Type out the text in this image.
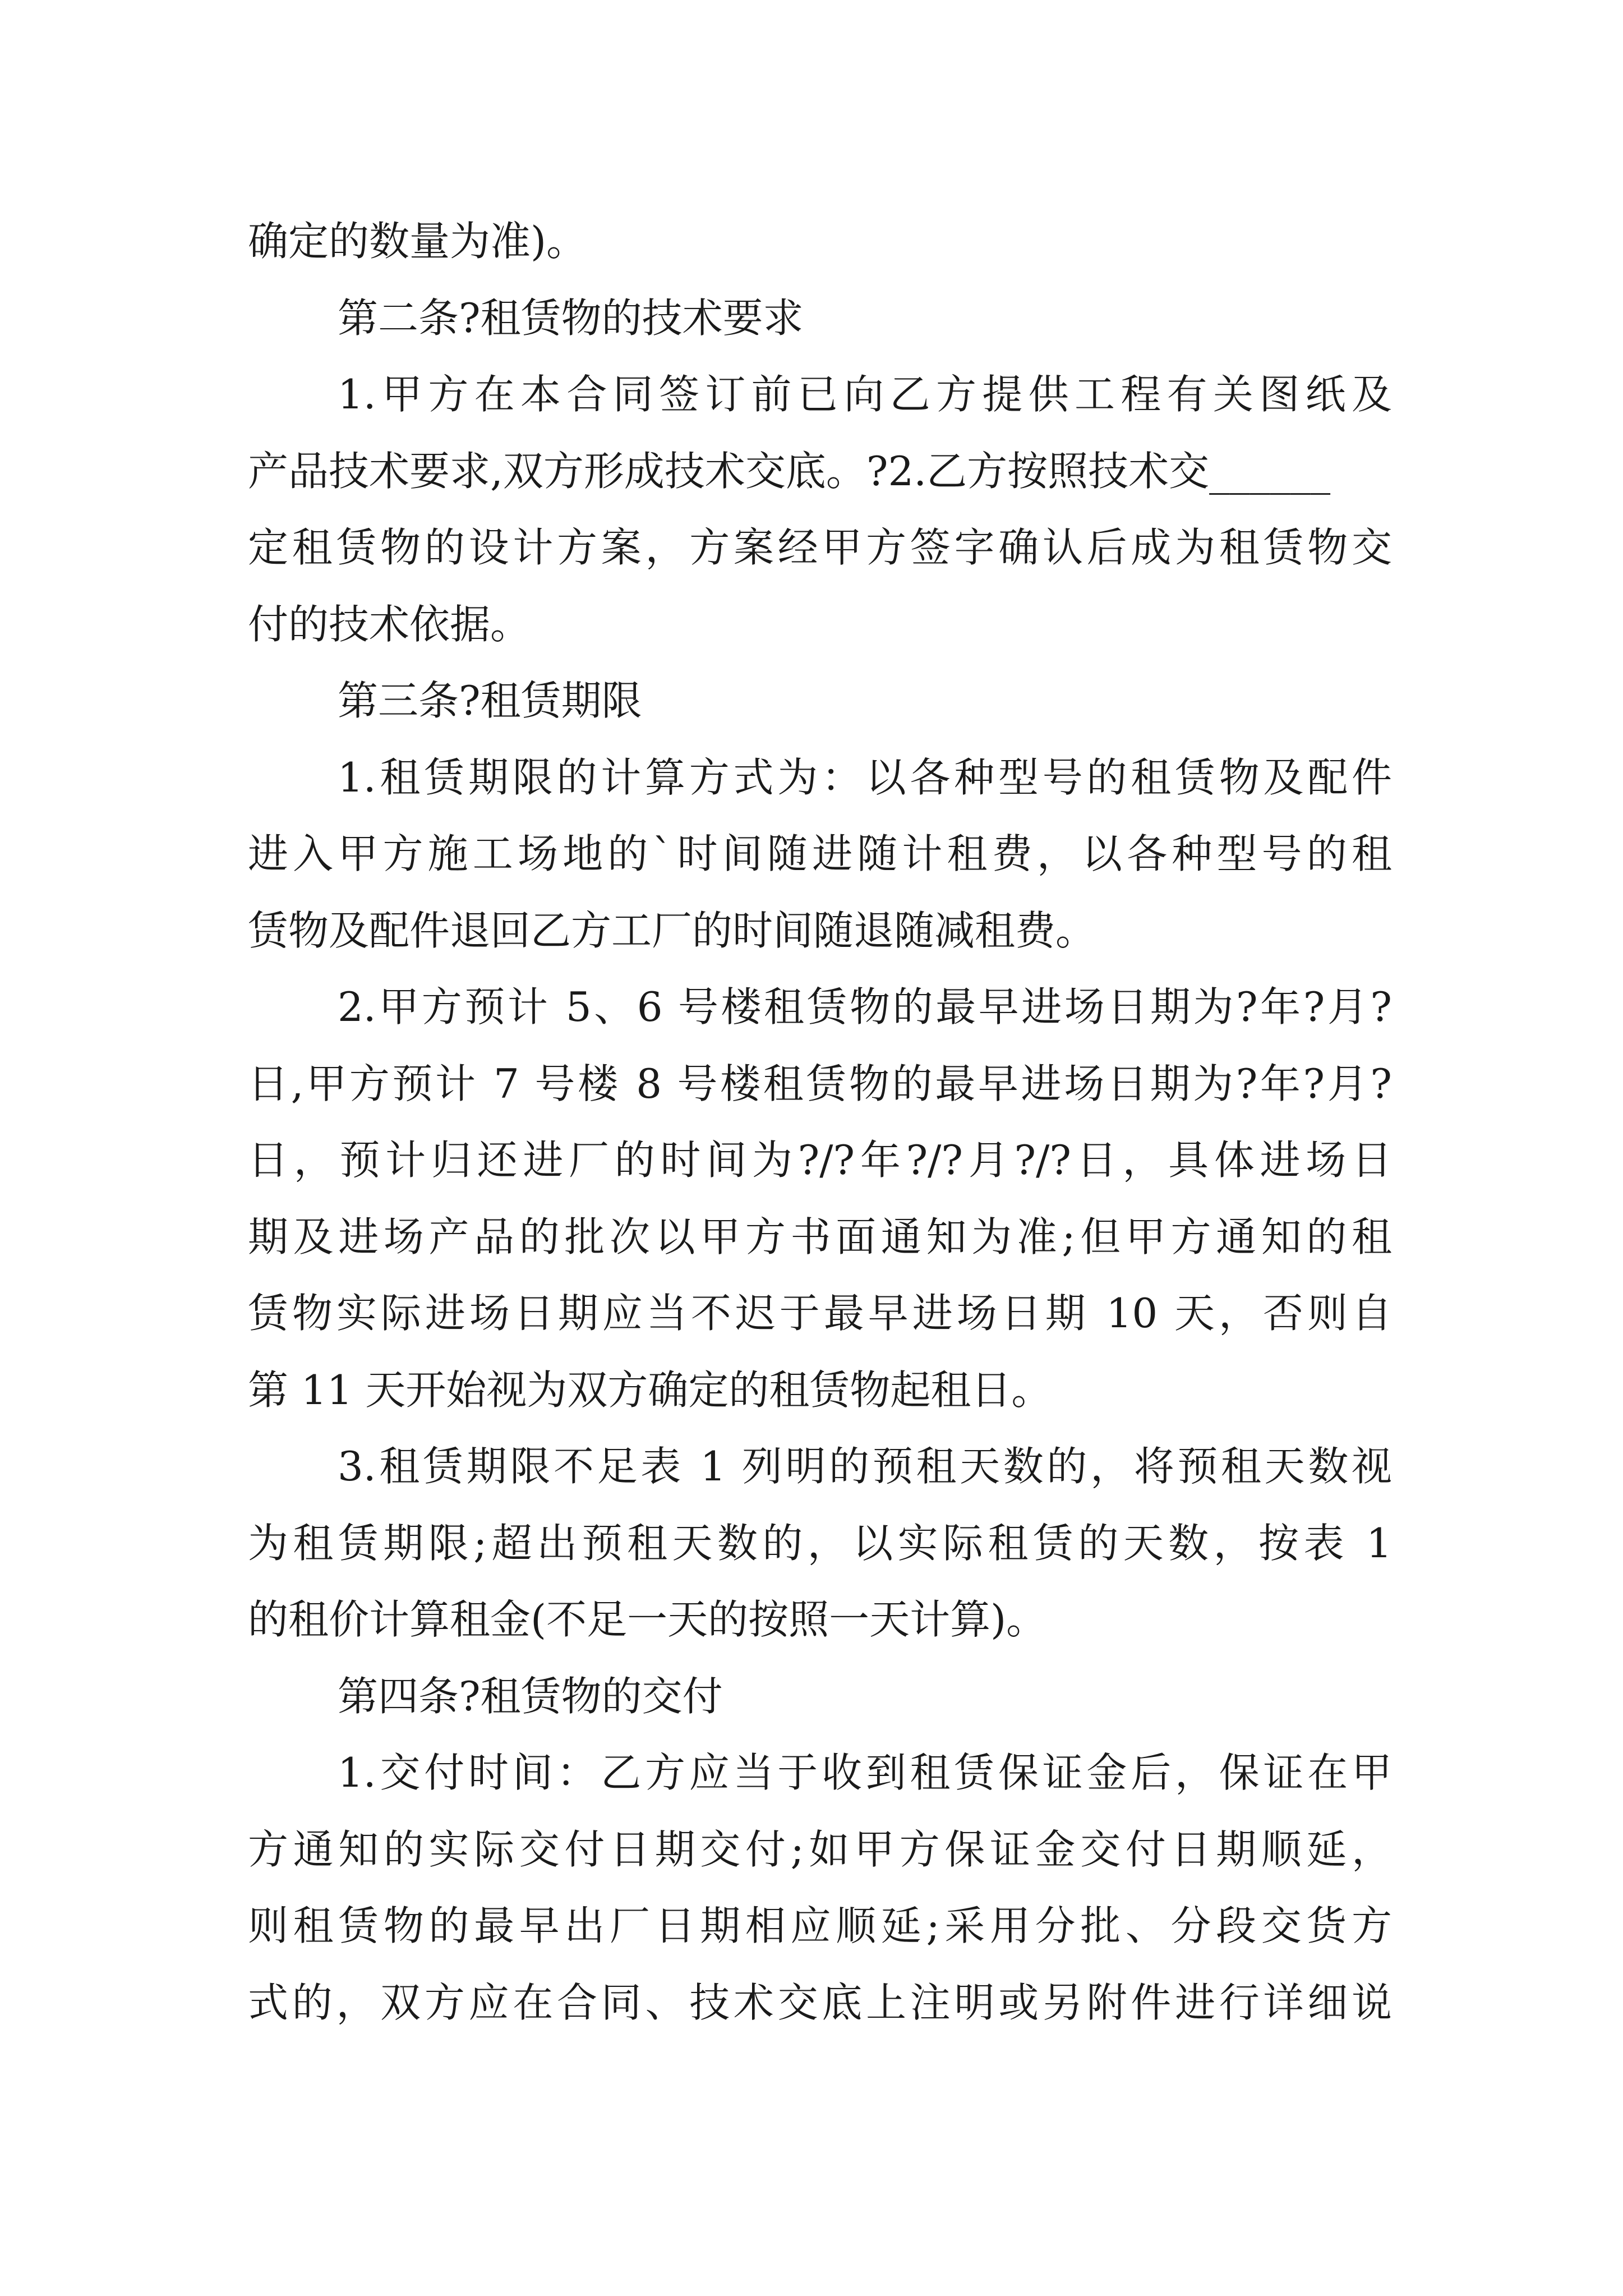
确定的数量为准)。
第二条?租赁物的技术要求
1.甲方在本合同签订前已向乙方提供工程有关图纸及
产品技术要求,双方形成技术交底。?2.乙方按照技术交______
定租赁物的设计方案，方案经甲方签字确认后成为租赁物交
付的技术依据。
第三条?租赁期限
1.租赁期限的计算方式为：以各种型号的租赁物及配件
进入甲方施工场地的`时间随进随计租费，以各种型号的租
赁物及配件退回乙方工厂的时间随退随减租费。
2.甲方预计 5、6 号楼租赁物的最早进场日期为?年?月?
日,甲方预计 7 号楼 8 号楼租赁物的最早进场日期为?年?月?
日，预计归还进厂的时间为?/?年?/?月?/?日，具体进场日
期及进场产品的批次以甲方书面通知为准;但甲方通知的租
赁物实际进场日期应当不迟于最早进场日期 10 天，否则自
第 11 天开始视为双方确定的租赁物起租日。
3.租赁期限不足表 1 列明的预租天数的，将预租天数视
为租赁期限;超出预租天数的，以实际租赁的天数，按表 1
的租价计算租金(不足一天的按照一天计算)。
第四条?租赁物的交付
1.交付时间：乙方应当于收到租赁保证金后，保证在甲
方通知的实际交付日期交付;如甲方保证金交付日期顺延，
则租赁物的最早出厂日期相应顺延;采用分批、分段交货方
式的，双方应在合同、技术交底上注明或另附件进行详细说
